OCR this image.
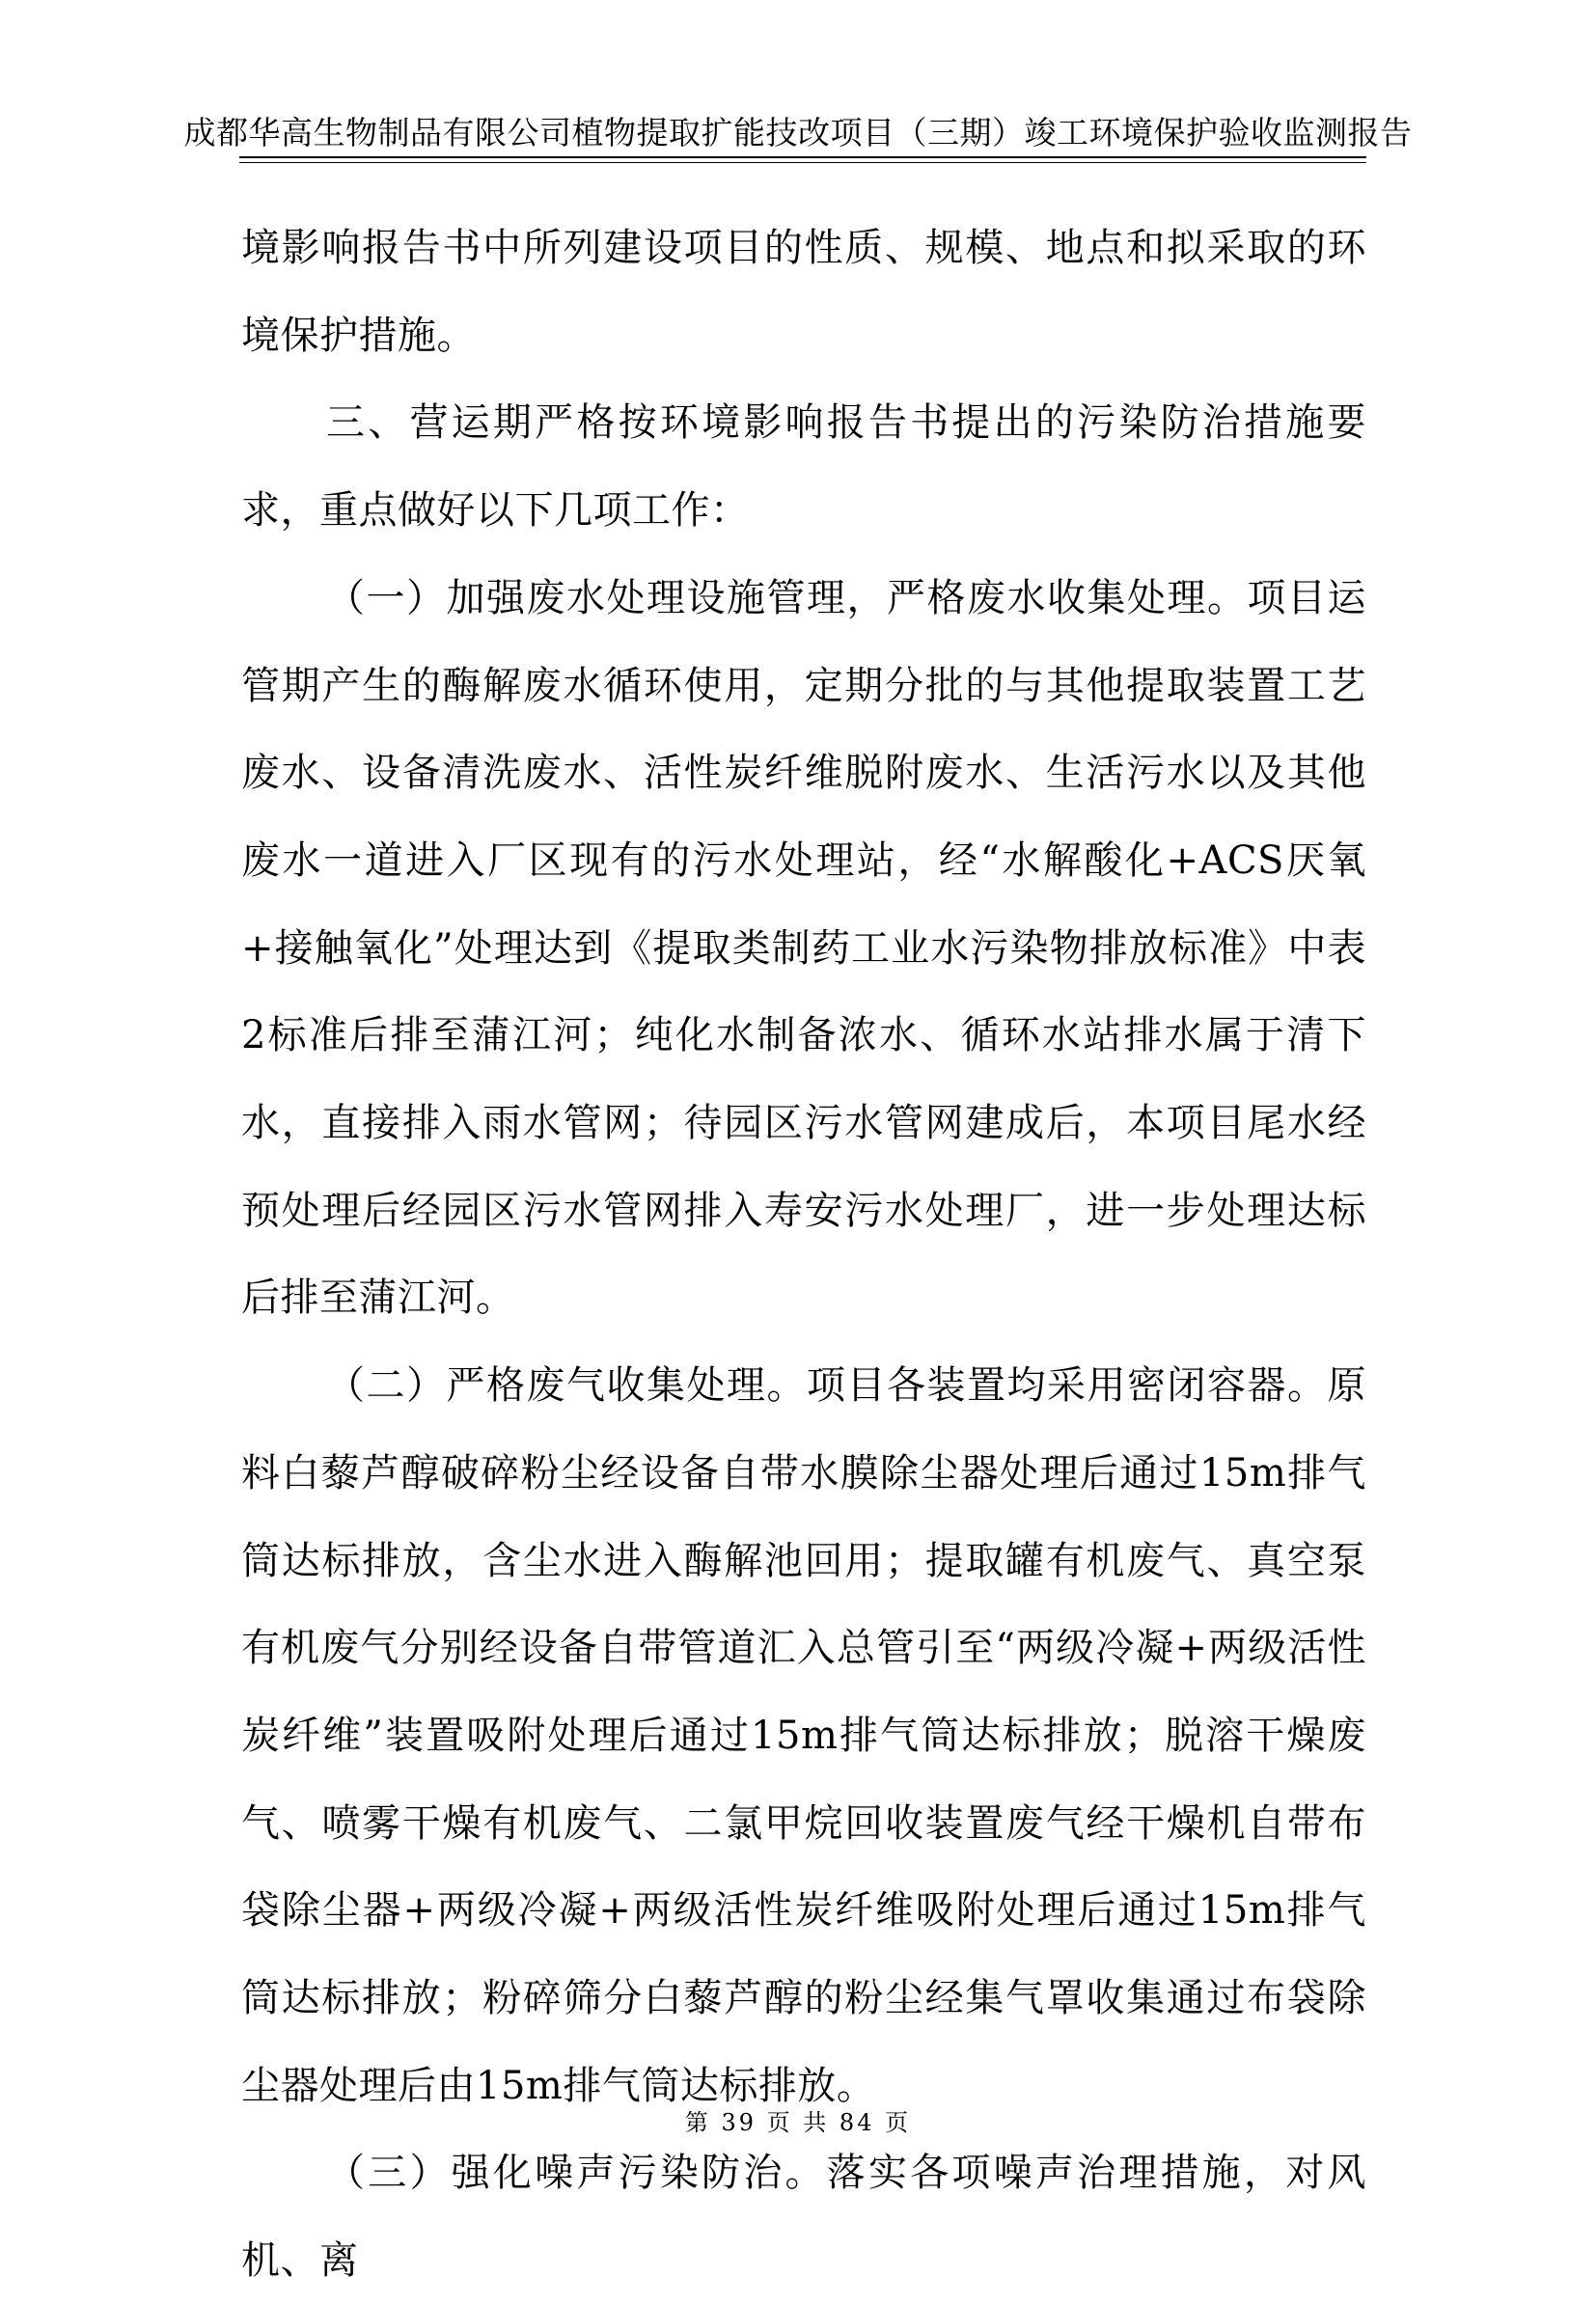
成都华高生物制品有限公司植物提取扩能技改项目（三期）竣工环境保护验收监测报告

境影响报告书中所列建设项目的性质、规模、地点和拟采取的环境保护措施。

三、营运期严格按环境影响报告书提出的污染防治措施要求，重点做好以下几项工作：

（一）加强废水处理设施管理，严格废水收集处理。项目运管期产生的酶解废水循环使用，定期分批的与其他提取装置工艺废水、设备清洗废水、活性炭纤维脱附废水、生活污水以及其他废水一道进入厂区现有的污水处理站，经“水解酸化+ACS厌氧+接触氧化”处理达到《提取类制药工业水污染物排放标准》中表2标准后排至蒲江河；纯化水制备浓水、循环水站排水属于清下水，直接排入雨水管网；待园区污水管网建成后，本项目尾水经预处理后经园区污水管网排入寿安污水处理厂，进一步处理达标后排至蒲江河。

（二）严格废气收集处理。项目各装置均采用密闭容器。原料白藜芦醇破碎粉尘经设备自带水膜除尘器处理后通过15m排气筒达标排放，含尘水进入酶解池回用；提取罐有机废气、真空泵有机废气分别经设备自带管道汇入总管引至“两级冷凝+两级活性炭纤维”装置吸附处理后通过15m排气筒达标排放；脱溶干燥废气、喷雾干燥有机废气、二氯甲烷回收装置废气经干燥机自带布袋除尘器+两级冷凝+两级活性炭纤维吸附处理后通过15m排气筒达标排放；粉碎筛分白藜芦醇的粉尘经集气罩收集通过布袋除尘器处理后由15m排气筒达标排放。

（三）强化噪声污染防治。落实各项噪声治理措施，对风机、离

第 39 页 共 84 页
